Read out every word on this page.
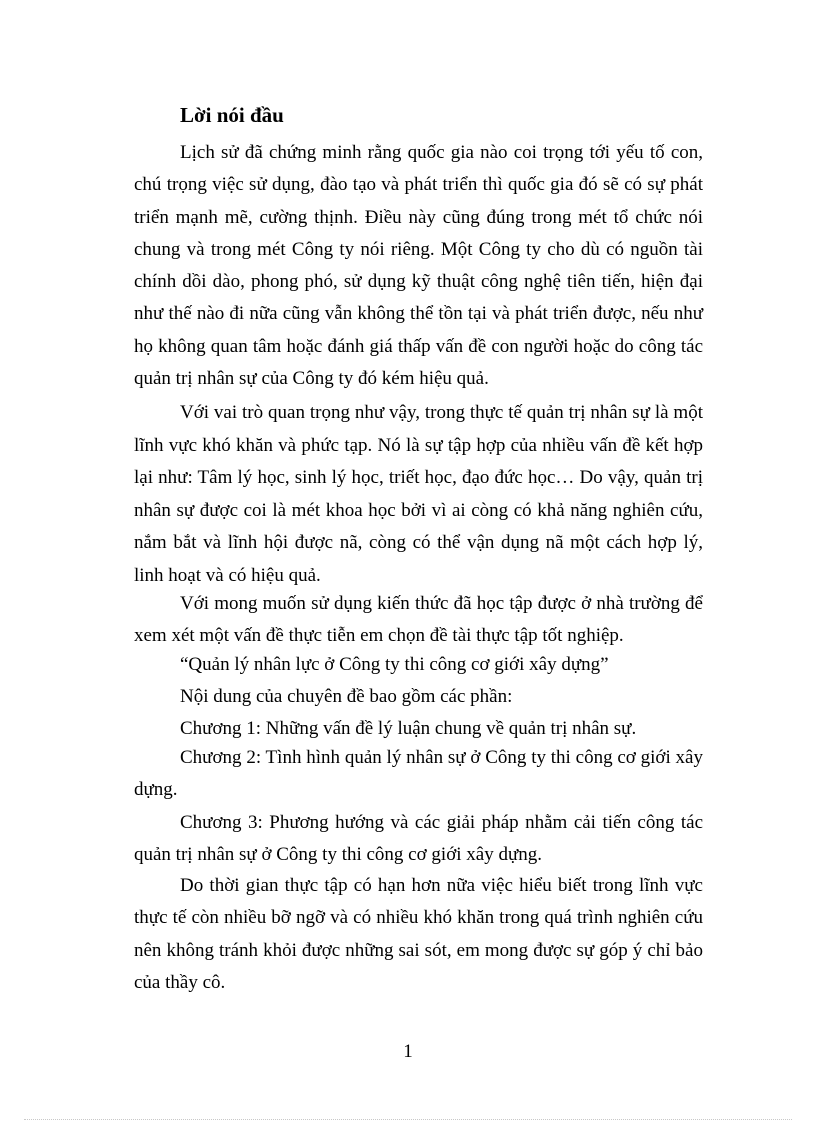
Lời nói đầu

Lịch sử đã chứng minh rằng quốc gia nào coi trọng tới yếu tố con, chú trọng việc sử dụng, đào tạo và phát triển thì quốc gia đó sẽ có sự phát triển mạnh mẽ, cường thịnh. Điều này cũng đúng trong mét tổ chức nói chung và trong mét Công ty nói riêng. Một Công ty cho dù có nguồn tài chính dồi dào, phong phó, sử dụng kỹ thuật công nghệ tiên tiến, hiện đại như thế nào đi nữa cũng vẫn không thể tồn tại và phát triển được, nếu như họ không quan tâm hoặc đánh giá thấp vấn đề con người hoặc do công tác quản trị nhân sự của Công ty đó kém hiệu quả.

Với vai trò quan trọng như vậy, trong thực tế quản trị nhân sự là một lĩnh vực khó khăn và phức tạp. Nó là sự tập hợp của nhiều vấn đề kết hợp lại như: Tâm lý học, sinh lý học, triết học, đạo đức học… Do vậy, quản trị nhân sự được coi là mét khoa học bởi vì ai còng có khả năng nghiên cứu, nắm bắt và lĩnh hội được nã, còng có thể vận dụng nã một cách hợp lý, linh hoạt và có hiệu quả.

Với mong muốn sử dụng kiến thức đã học tập được ở nhà trường để xem xét một vấn đề thực tiễn em chọn đề tài thực tập tốt nghiệp.

“Quản lý nhân lực ở Công ty thi công cơ giới xây dựng”

Nội dung của chuyên đề bao gồm các phần:

Chương 1: Những vấn đề lý luận chung về quản trị nhân sự.

Chương 2: Tình hình quản lý nhân sự ở Công ty thi công cơ giới xây dựng.

Chương 3: Phương hướng và các giải pháp nhằm cải tiến công tác quản trị nhân sự ở Công ty thi công cơ giới xây dựng.

Do thời gian thực tập có hạn hơn nữa việc hiểu biết trong lĩnh vực thực tế còn nhiều bỡ ngỡ và có nhiều khó khăn trong quá trình nghiên cứu nên không tránh khỏi được những sai sót, em mong được sự góp ý chỉ bảo của thầy cô.

1
